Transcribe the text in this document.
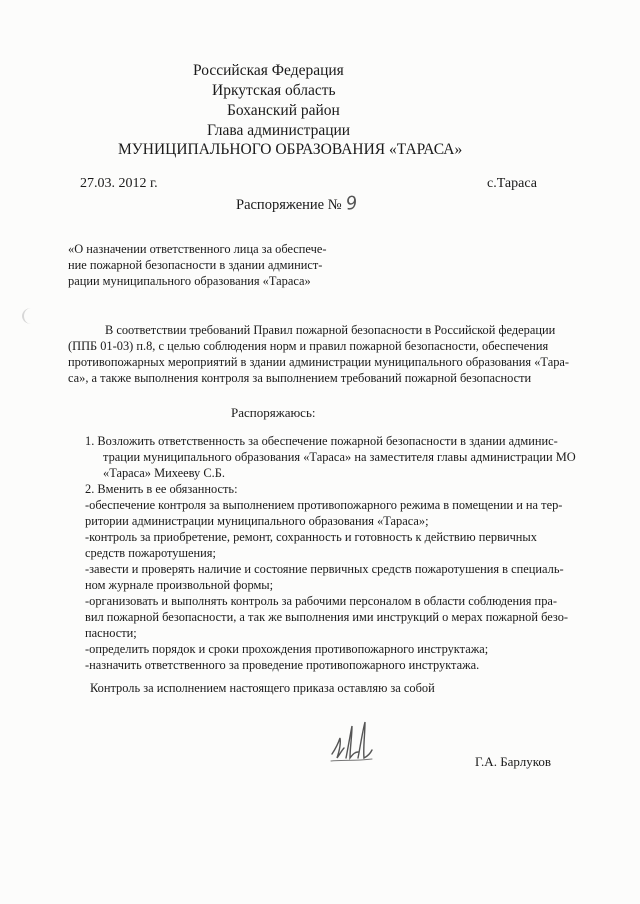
Российская Федерация
Иркутская область
Боханский район
Глава администрации
МУНИЦИПАЛЬНОГО ОБРАЗОВАНИЯ «ТАРАСА»
27.03. 2012 г.	с.Тараса
Распоряжение № 9
«О назначении ответственного лица за обеспече-
ние пожарной безопасности в здании админист-
рации муниципального образования «Тараса»
В соответствии требований Правил пожарной безопасности в Российской федерации
(ППБ 01-03) п.8, с целью соблюдения норм и правил пожарной безопасности, обеспечения
противопожарных мероприятий в здании администрации муниципального образования «Тара-
са», а также выполнения контроля за выполнением требований пожарной безопасности
Распоряжаюсь:
1. Возложить ответственность за обеспечение пожарной безопасности в здании админис-
трации муниципального образования «Тараса» на заместителя главы администрации МО
«Тараса» Михееву С.Б.
2. Вменить в ее обязанность:
-обеспечение контроля за выполнением противопожарного режима в помещении и на тер-
ритории администрации муниципального образования «Тараса»;
-контроль за приобретение, ремонт, сохранность и готовность к действию первичных
средств пожаротушения;
-завести и проверять наличие и состояние первичных средств пожаротушения в специаль-
ном журнале произвольной формы;
-организовать и выполнять контроль за рабочими персоналом в области соблюдения пра-
вил пожарной безопасности, а так же выполнения ими инструкций о мерах пожарной безо-
пасности;
-определить порядок и сроки прохождения противопожарного инструктажа;
-назначить ответственного за проведение противопожарного инструктажа.
Контроль за исполнением настоящего приказа оставляю за собой
Г.А. Барлуков
